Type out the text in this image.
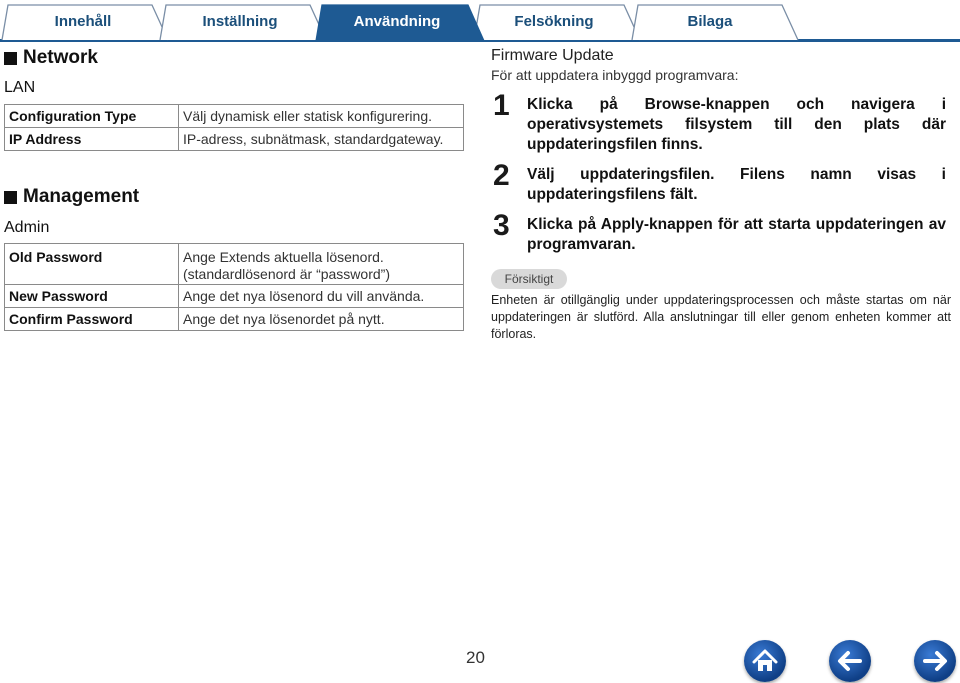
Innehåll	Inställning	Användning	Felsökning	Bilaga
Network
LAN
Configuration Type	Välj dynamisk eller statisk konfigurering.
IP Address	IP-adress, subnätmask, standardgateway.
Management
Admin
Old Password	Ange Extends aktuella lösenord.
(standardlösenord är “password”)

New Password	Ange det nya lösenord du vill använda.
Confirm Password	Ange det nya lösenordet på nytt.
Firmware Update
För att uppdatera inbyggd programvara:
1 Klicka på Browse-knappen och navigera i operativsystemets filsystem till den plats där uppdateringsfilen finns.
2 Välj uppdateringsfilen. Filens namn visas i uppdateringsfilens fält.
3 Klicka på Apply-knappen för att starta uppdateringen av programvaran.
Försiktigt
Enheten är otillgänglig under uppdateringsprocessen och måste startas om när uppdateringen är slutförd. Alla anslutningar till eller genom enheten kommer att förloras.
20
